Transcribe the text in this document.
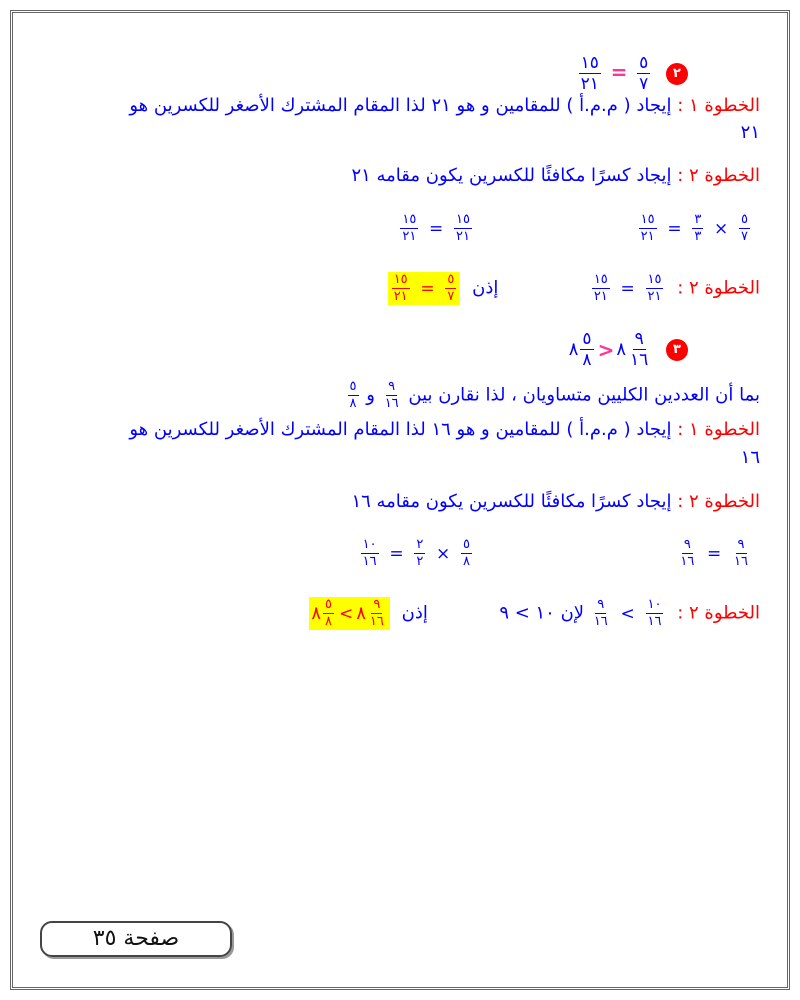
٢
$\frac{٥}{٧}$
=
$\frac{١٥}{٢١}$
الخطوة ١ : إيجاد ( م.م.أ ) للمقامين و هو ٢١ لذا المقام المشترك الأصغر للكسرين هو
٢١
الخطوة ٢ : إيجاد كسرًا مكافئًا للكسرين يكون مقامه ٢١
$\frac{١٥}{٢١} = \frac{٣}{٣} \times \frac{٥}{٧}$
$\frac{١٥}{٢١} = \frac{١٥}{٢١}$
الخطوة ٢ :
$\frac{١٥}{٢١} = \frac{١٥}{٢١}$
إذن
$\frac{١٥}{٢١} = \frac{٥}{٧}$
٣
٨ $\frac{٥}{٨}$ > ٨ $\frac{٩}{١٦}$
بما أن العددين الكليين متساويان ، لذا نقارن بين
$\frac{٩}{١٦}$
و
$\frac{٥}{٨}$
الخطوة ١ : إيجاد ( م.م.أ ) للمقامين و هو ١٦ لذا المقام المشترك الأصغر للكسرين هو
١٦
الخطوة ٢ : إيجاد كسرًا مكافئًا للكسرين يكون مقامه ١٦
$\frac{٩}{١٦} = \frac{٩}{١٦}$
$\frac{١٠}{١٦} = \frac{٢}{٢} \times \frac{٥}{٨}$
الخطوة ٢ :
$\frac{٩}{١٦} < \frac{١٠}{١٦}$
لإن ١٠ > ٩  إذن
٨ $\frac{٥}{٨}$ < ٨ $\frac{٩}{١٦}$
صفحة ٣٥
